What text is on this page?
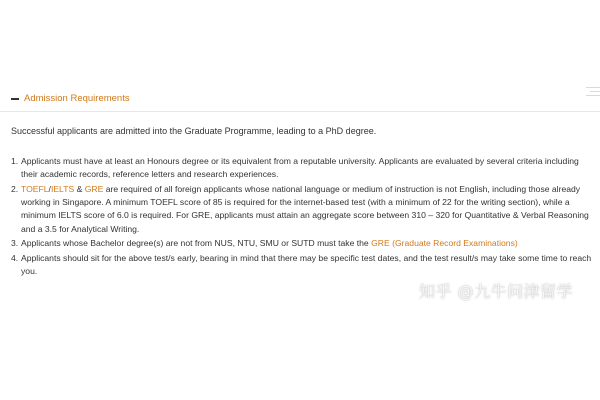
Admission Requirements

Successful applicants are admitted into the Graduate Programme, leading to a PhD degree.

1. Applicants must have at least an Honours degree or its equivalent from a reputable university. Applicants are evaluated by several criteria including their academic records, reference letters and research experiences.
2. TOEFL/IELTS & GRE are required of all foreign applicants whose national language or medium of instruction is not English, including those already working in Singapore. A minimum TOEFL score of 85 is required for the internet-based test (with a minimum of 22 for the writing section), while a minimum IELTS score of 6.0 is required. For GRE, applicants must attain an aggregate score between 310 – 320 for Quantitative & Verbal Reasoning and a 3.5 for Analytical Writing.
3. Applicants whose Bachelor degree(s) are not from NUS, NTU, SMU or SUTD must take the GRE (Graduate Record Examinations)
4. Applicants should sit for the above test/s early, bearing in mind that there may be specific test dates, and the test result/s may take some time to reach you.
知乎 @九牛问津留学
